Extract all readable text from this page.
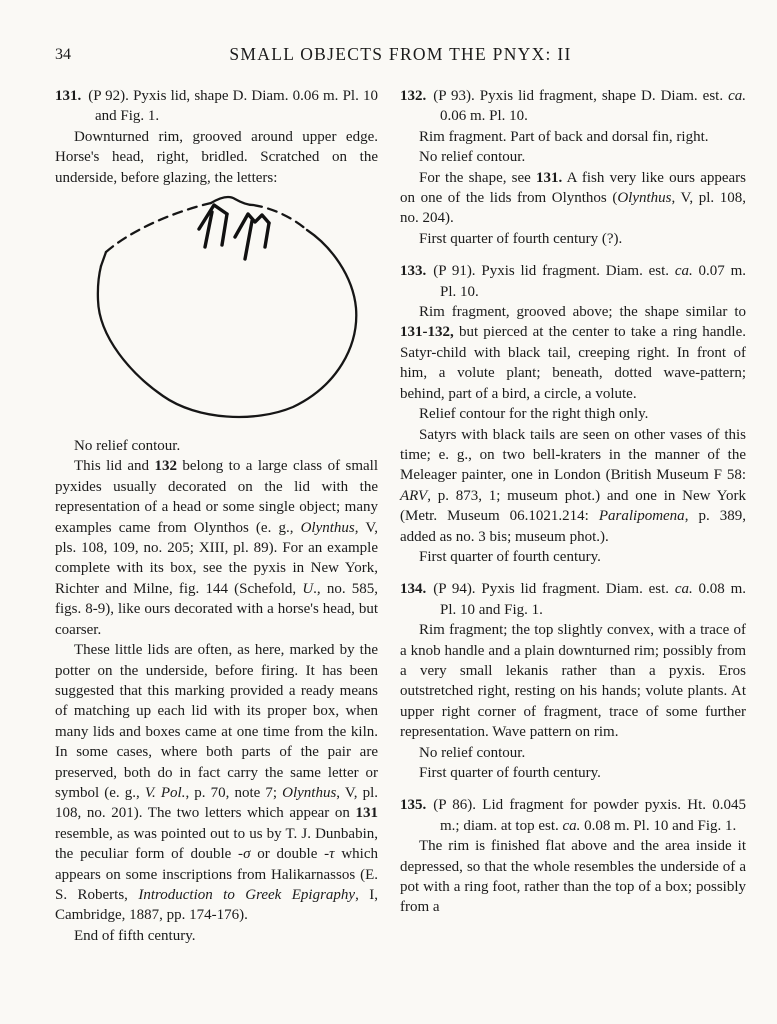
34	SMALL OBJECTS FROM THE PNYX: II

131. (P 92). Pyxis lid, shape D. Diam. 0.06 m. Pl. 10 and Fig. 1.

Downturned rim, grooved around upper edge. Horse's head, right, bridled. Scratched on the underside, before glazing, the letters:

No relief contour.

This lid and 132 belong to a large class of small pyxides usually decorated on the lid with the representation of a head or some single object; many examples came from Olynthos (e. g., Olynthus, V, pls. 108, 109, no. 205; XIII, pl. 89). For an example complete with its box, see the pyxis in New York, Richter and Milne, fig. 144 (Schefold, U., no. 585, figs. 8-9), like ours decorated with a horse's head, but coarser.

These little lids are often, as here, marked by the potter on the underside, before firing. It has been suggested that this marking provided a ready means of matching up each lid with its proper box, when many lids and boxes came at one time from the kiln. In some cases, where both parts of the pair are preserved, both do in fact carry the same letter or symbol (e. g., V. Pol., p. 70, note 7; Olynthus, V, pl. 108, no. 201). The two letters which appear on 131 resemble, as was pointed out to us by T. J. Dunbabin, the peculiar form of double -σ or double -τ which appears on some inscriptions from Halikarnassos (E. S. Roberts, Introduction to Greek Epigraphy, I, Cambridge, 1887, pp. 174-176).

End of fifth century.

132. (P 93). Pyxis lid fragment, shape D. Diam. est. ca. 0.06 m. Pl. 10.

Rim fragment. Part of back and dorsal fin, right.

No relief contour.

For the shape, see 131. A fish very like ours appears on one of the lids from Olynthos (Olynthus, V, pl. 108, no. 204).

First quarter of fourth century (?).

133. (P 91). Pyxis lid fragment. Diam. est. ca. 0.07 m. Pl. 10.

Rim fragment, grooved above; the shape similar to 131-132, but pierced at the center to take a ring handle. Satyr-child with black tail, creeping right. In front of him, a volute plant; beneath, dotted wave-pattern; behind, part of a bird, a circle, a volute.

Relief contour for the right thigh only.

Satyrs with black tails are seen on other vases of this time; e. g., on two bell-kraters in the manner of the Meleager painter, one in London (British Museum F 58: ARV, p. 873, 1; museum phot.) and one in New York (Metr. Museum 06.1021.214: Paralipomena, p. 389, added as no. 3 bis; museum phot.).

First quarter of fourth century.

134. (P 94). Pyxis lid fragment. Diam. est. ca. 0.08 m. Pl. 10 and Fig. 1.

Rim fragment; the top slightly convex, with a trace of a knob handle and a plain downturned rim; possibly from a very small lekanis rather than a pyxis. Eros outstretched right, resting on his hands; volute plants. At upper right corner of fragment, trace of some further representation. Wave pattern on rim.

No relief contour.

First quarter of fourth century.

135. (P 86). Lid fragment for powder pyxis. Ht. 0.045 m.; diam. at top est. ca. 0.08 m. Pl. 10 and Fig. 1.

The rim is finished flat above and the area inside it depressed, so that the whole resembles the underside of a pot with a ring foot, rather than the top of a box; possibly from a
